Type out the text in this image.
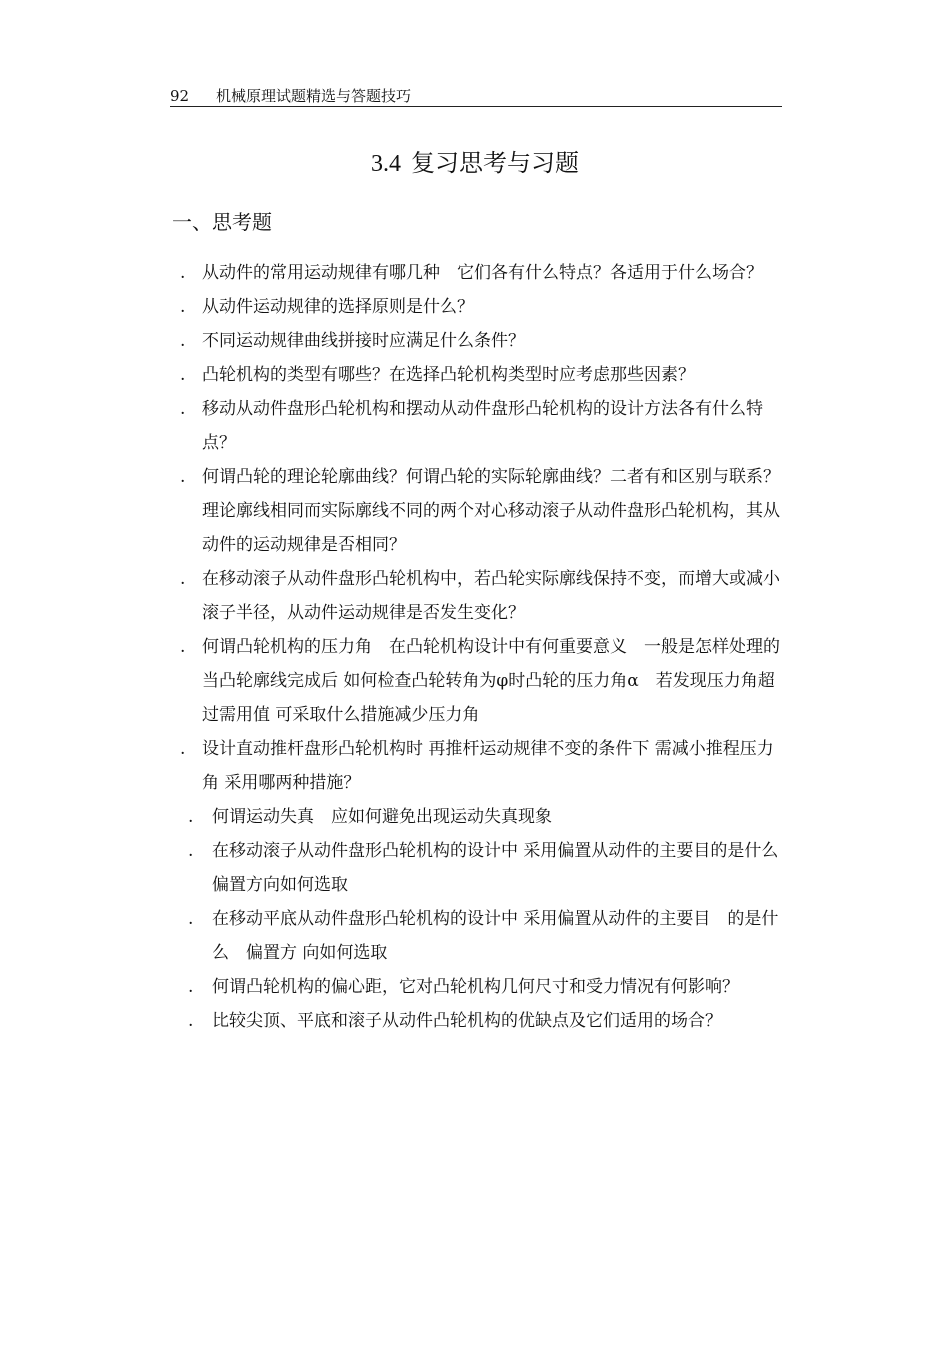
92 机械原理试题精选与答题技巧
3.4 复习思考与习题
一、思考题
. 从动件的常用运动规律有哪几种　它们各有什么特点？各适用于什么场合？
. 从动件运动规律的选择原则是什么？
. 不同运动规律曲线拼接时应满足什么条件？
. 凸轮机构的类型有哪些？在选择凸轮机构类型时应考虑那些因素？
. 移动从动件盘形凸轮机构和摆动从动件盘形凸轮机构的设计方法各有什么特点？
. 何谓凸轮的理论轮廓曲线？何谓凸轮的实际轮廓曲线？二者有和区别与联系？理论廓线相同而实际廓线不同的两个对心移动滚子从动件盘形凸轮机构，其从动件的运动规律是否相同？
. 在移动滚子从动件盘形凸轮机构中，若凸轮实际廓线保持不变，而增大或减小滚子半径，从动件运动规律是否发生变化？
. 何谓凸轮机构的压力角　在凸轮机构设计中有何重要意义　一般是怎样处理的 当凸轮廓线完成后 如何检查凸轮转角为φ时凸轮的压力角α　若发现压力角超过需用值 可采取什么措施减少压力角
. 设计直动推杆盘形凸轮机构时 再推杆运动规律不变的条件下 需减小推程压力角 采用哪两种措施？
. 何谓运动失真　应如何避免出现运动失真现象
. 在移动滚子从动件盘形凸轮机构的设计中 采用偏置从动件的主要目的是什么　偏置方向如何选取
. 在移动平底从动件盘形凸轮机构的设计中 采用偏置从动件的主要目　的是什么　偏置方 向如何选取
. 何谓凸轮机构的偏心距，它对凸轮机构几何尺寸和受力情况有何影响？
. 比较尖顶、平底和滚子从动件凸轮机构的优缺点及它们适用的场合？
